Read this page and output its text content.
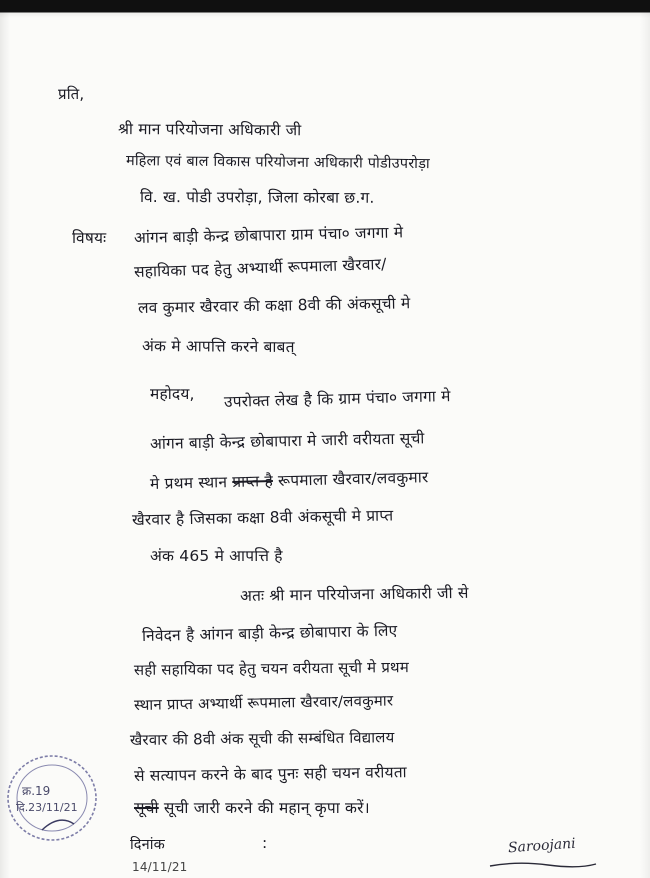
प्रति,
श्री मान परियोजना अधिकारी जी
महिला एवं बाल विकास परियोजना अधिकारी पोडीउपरोड़ा
वि. ख. पोडी उपरोड़ा, जिला कोरबा छ.ग.
विषयः आंगन बाड़ी केन्द्र छोबापारा ग्राम पंचा० जगगा मे
सहायिका पद हेतु अभ्यार्थी रूपमाला खैरवार/
लव कुमार खैरवार की कक्षा 8वी की अंकसूची मे
अंक मे आपत्ति करने बाबत्
महोदय, उपरोक्त लेख है कि ग्राम पंचा० जगगा मे
आंगन बाड़ी केन्द्र छोबापारा मे जारी वरीयता सूची
मे प्रथम स्थान प्राप्त है रूपमाला खैरवार/लवकुमार
खैरवार है जिसका कक्षा 8वी अंकसूची मे प्राप्त
अंक 465 मे आपत्ति है
अतः श्री मान परियोजना अधिकारी जी से
निवेदन है आंगन बाड़ी केन्द्र छोबापारा के लिए
सही सहायिका पद हेतु चयन वरीयता सूची मे प्रथम
स्थान प्राप्त अभ्यार्थी रूपमाला खैरवार/लवकुमार
खैरवार की 8वी अंक सूची की सम्बंधित विद्यालय
से सत्यापन करने के बाद पुनः सही चयन वरीयता
सूची सूची जारी करने की महान् कृपा करें।
दिनांक	:
14/11/21
Saroojani
क्र.19
दि.23/11/21
